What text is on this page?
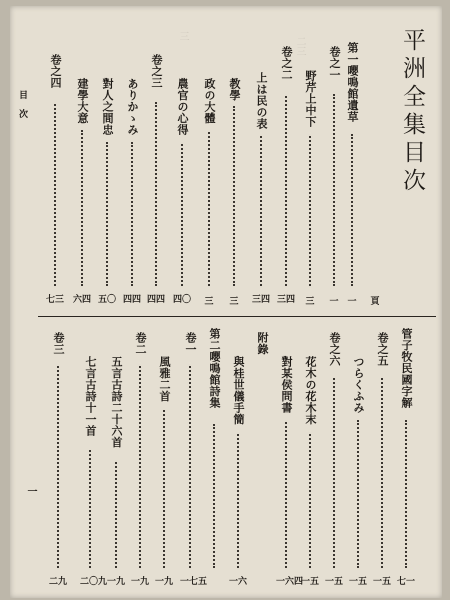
平洲全集目次
頁
二三
三
第一嚶鳴館遺草
一
卷之一
一
野芹上中下
三
卷之二
三四
上は民の表
三四
教學
三
政の大體
三
農官の心得
四〇
卷之三
四四
ありかゝみ
四四
對人之間忠
五〇
建學大意
六四
卷之四
七三
目次
管子牧民國字解
七一
卷之五
一五
つらくふみ
一五
卷之六
一五
花木の花木末
一五
對某侯問書
一六四
附錄
與桂世儀手簡
一六
第二嚶鳴館詩集
卷一
一七五
風雅二首
一九
卷二
一九
五言古詩二十六首
一九
七言古詩十一首
二〇九
卷三
二九
一
